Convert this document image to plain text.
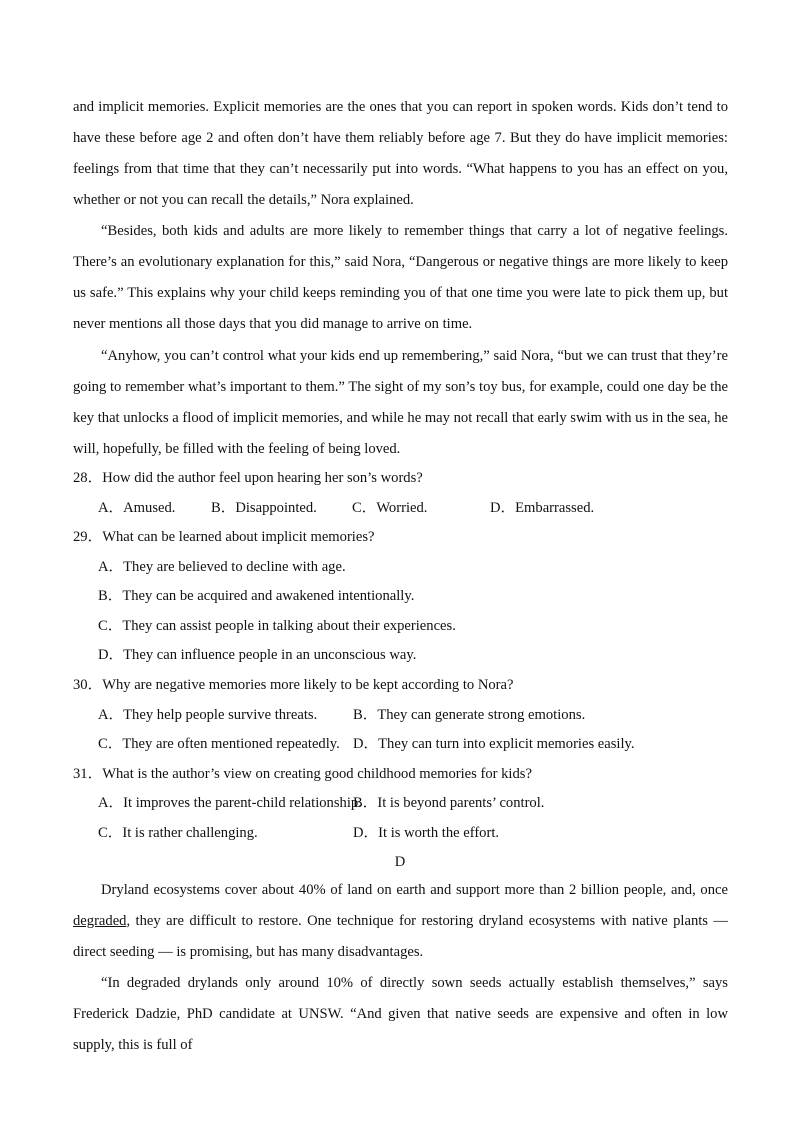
and implicit memories. Explicit memories are the ones that you can report in spoken words. Kids don’t tend to have these before age 2 and often don’t have them reliably before age 7. But they do have implicit memories: feelings from that time that they can’t necessarily put into words. “What happens to you has an effect on you, whether or not you can recall the details,” Nora explained.

“Besides, both kids and adults are more likely to remember things that carry a lot of negative feelings. There’s an evolutionary explanation for this,” said Nora, “Dangerous or negative things are more likely to keep us safe.” This explains why your child keeps reminding you of that one time you were late to pick them up, but never mentions all those days that you did manage to arrive on time.

“Anyhow, you can’t control what your kids end up remembering,” said Nora, “but we can trust that they’re going to remember what’s important to them.” The sight of my son’s toy bus, for example, could one day be the key that unlocks a flood of implicit memories, and while he may not recall that early swim with us in the sea, he will, hopefully, be filled with the feeling of being loved.

28．How did the author feel upon hearing her son’s words?
A．Amused. B．Disappointed. C．Worried.	D．Embarrassed.
29．What can be learned about implicit memories?
A．They are believed to decline with age.
B．They can be acquired and awakened intentionally.
C．They can assist people in talking about their experiences.
D．They can influence people in an unconscious way.
30．Why are negative memories more likely to be kept according to Nora?
A．They help people survive threats. B．They can generate strong emotions.
C．They are often mentioned repeatedly. D．They can turn into explicit memories easily.
31．What is the author’s view on creating good childhood memories for kids?
A．It improves the parent-child relationship.
B．It is beyond parents’ control.
C．It is rather challenging.	D．It is worth the effort.
D

Dryland ecosystems cover about 40% of land on earth and support more than 2 billion people, and, once degraded, they are difficult to restore. One technique for restoring dryland ecosystems with native plants — direct seeding — is promising, but has many disadvantages.

“In degraded drylands only around 10% of directly sown seeds actually establish themselves,” says Frederick Dadzie, PhD candidate at UNSW. “And given that native seeds are expensive and often in low supply, this is full of
